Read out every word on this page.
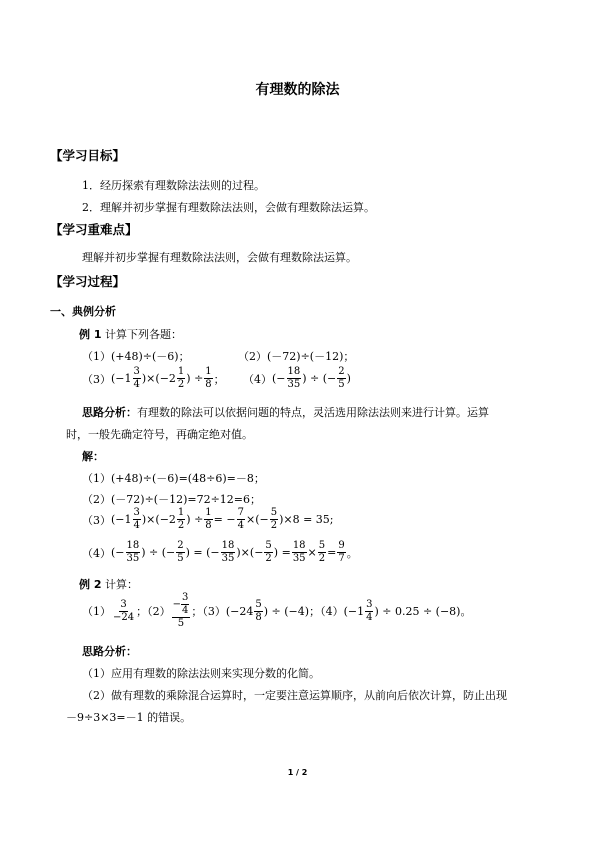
有理数的除法
【学习目标】
1．经历探索有理数除法法则的过程。
2．理解并初步掌握有理数除法法则，会做有理数除法运算。
【学习重难点】
理解并初步掌握有理数除法法则，会做有理数除法运算。
【学习过程】
一、典例分析
例 1 计算下列各题：
（1）(+48)÷(－6)；	（2）(－72)÷(－12)；
（3） $(-1 \frac{3}{4} )\times(-2 \frac{1}{2}$ ) ÷ $\frac{1}{8}$ ； （4） (− $\frac{18}{35}$ ) ÷ (− $\frac{2}{5}$ )
思路分析：有理数的除法可以依据问题的特点，灵活选用除法法则来进行计算。运算
时，一般先确定符号，再确定绝对值。
解：
（1）(+48)÷(－6)=(48÷6)=－8；
（2）(－72)÷(－12)=72÷12=6；
（3） $(-1 \frac{3}{4} )\times(-2 \frac{1}{2}$ ) ÷ $\frac{1}{8}$ = − $\frac{7}{4}$ ×(− $\frac{5}{2} )\times 8 = 35$;
（4） (− $\frac{18}{35}$ ) ÷ (− $\frac{2}{5}$ ) = (− $\frac{18}{35}$ )×(− $\frac{5}{2}$ ) = $\frac{18}{35} \times \frac{5}{2} = \frac{9}{7}$ 。
例 2 计算：
$(1) \frac{3}{-24}$ ；$(2) \frac{- \frac{3}{4}}{5}$ ；$(3)(-24 \frac{5}{8}$ ) ÷ (−4)；$(4)(-1 \frac{3}{4}$ ) ÷ 0.25 ÷ (−8)。
思路分析：
（1）应用有理数的除法法则来实现分数的化简。
（2）做有理数的乘除混合运算时，一定要注意运算顺序，从前向后依次计算，防止出现
－9÷3×3=－1 的错误。
1 / 2
